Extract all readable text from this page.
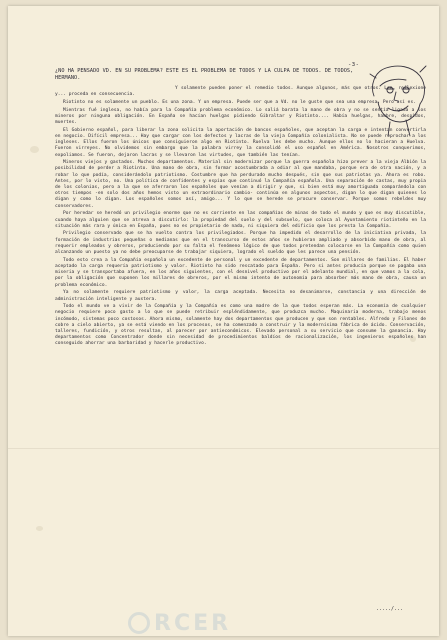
-3-
¿NO HA PENSADO VD. EN SU PROBLEMA? ESTE ES EL PROBLEMA DE TODOS Y LA CULPA DE TODOS. DE TODOS, HERMANO.

Y solamente pueden poner el remedio todos. Aunque algunos, más que otros. Lee, reflexione y... proceda en consecuencia.

Riotinto no es solamente un pueblo. Es una zona. Y un empresa. Puede ser que a Vd. no le guste que sea una empresa. Pero así es.

Mientras fué inglesa, no había para la Compañía problema económico. Lo saliá barata la mano de obra y no se sentía ligada a los mineros por ninguna obligación. En España se hacían huelgas pidiendo Gibraltar y Riotinto.... Había huelgas, hambre, despidos, muertes.

El Gobierno español, para liberar la zona solicita la aportación de bancos españoles, que aceptan la carga e intentan convertirla en negocio. Difícil empresa... Hay que cargar con los defectos y lacras de la vieja Compañía colonialista. No se puede reprochar a los ingleses. Ellos fueron los únicos que consiguieron algo en Riotinto. Ruelva les debe mucho. Aunque ellos no lo hacieran a Huelva. Fueron virreyes. No olvidemos sin embargo que la palabra virrey la consolidó el uso español en América. Nosotros conquerimos, expoliamos. Se fueron, dejaron lacras y se llevaron las virtudes, que también las tenían.

Mineros viejos y gastados. Muchos departamentos. Material sin modernizar porque la guerra española hizo prever a la vieja Albión la posibilidad de perder a Riotinto. Una mano de obra, sin formar acostumbrada a odiar al que mandaba, porque era de otra nación, y a robar lo que podía, considerándolo patriotismo. Costumbre que ha perdurado mucho después, sin que sus patriotas ya. Ahora es robo. Antes, por lo visto, no. Una política de confidentes y espías que continuó la Compañía española. Una separación de castas, muy propia de los colonias, pero a la que se aferraron los españoles que venían a dirigir y que, si bien está muy amortiguada comparándola con otros tiempos -en solo dos años hemos visto un extraordinario cambio- continúa en algunos aspectos, digan lo que digan quienes lo digan y como lo digan. Los españoles somos así, amigo... Y lo que se herede se procure conservar. Porque somos rebeldes muy conservadores.

Por heredar se heredó un privilegio enorme que no es corriente en las compañías de minas de todo el mundo y que es muy discutible, cuando haya alguien que se atreva a discutirlo: la propiedad del suelo y del subsuelo, que coloca al Ayuntamiento riotinteño en la situación más rara y única en España, pues no es propietario de nada, ni siquiera del edificio que los presta la Compañía.

Privilegio conservado que se ha vuelto contra los privilegiados. Porque ha impedido el desarrollo de la iniciativa privada, la formación de industrias pequeñas o medianas que en el transcurso de estos años se hubieran ampliado y absorbido mano de obra, al requerir empleados y obreros, produciendo por su falta el fenómeno lógico de que todos pretendan colocarse en la Compañía como quien alcanzando un puesto ya no debe preocuparse de trabajar siquiera, logrado el sueldo que les parece una pensión.

Todo esto crea a la Compañía española un excedente de personal y un excedente de departamentos. Son millares de familias. El haber aceptado la carga requería patriotismo y valor. Riotinto ha sido rescatado para España. Pero si antes producía porque se pagaba una miseria y se transportaba afuera, en los años siguientes, con el desnivel productivo por el adelanto mundial, en que vamos a la cola, por la obligación que suponen los millares de obreros, por el mismo intento de autonomía para absorber más mano de obra, causa un problema económico.

Ya no solamente requiere patriotismo y valor, la carga aceptada. Necesita no desanimarse, constancia y una dirección de administración inteligente y austera.

Todo el mundo ve a vivir de la Compañía y la Compañía es como una madre de la que todos esperan más. La economía de cualquier negocio requiere poco gasto a lo que se puede retribuir espléndidamente, que produzca mucho. Maquinaria moderna, trabajo menos incómodo, sistemas poco costosos. Ahora mismo, solamente hay dos departamentos que producen y que son rentables. Alfredo y Filones de cobre a cielo abierto, ya se está viendo en los procesos, se ha comenzado a construir y la modernísima fábrica de ácido. Conservación, talleres, fundición, y otros resultan, al parecer por antieconómicos. Elevado personal a su servicio que consume la ganancia. Hay departamentos como Concentrador donde sin necesidad de procedimientos baldíos de racionalización, los ingenieros españoles han conseguido ahorrar una barbaridad y hacerle productivo.

...../...
RCER
